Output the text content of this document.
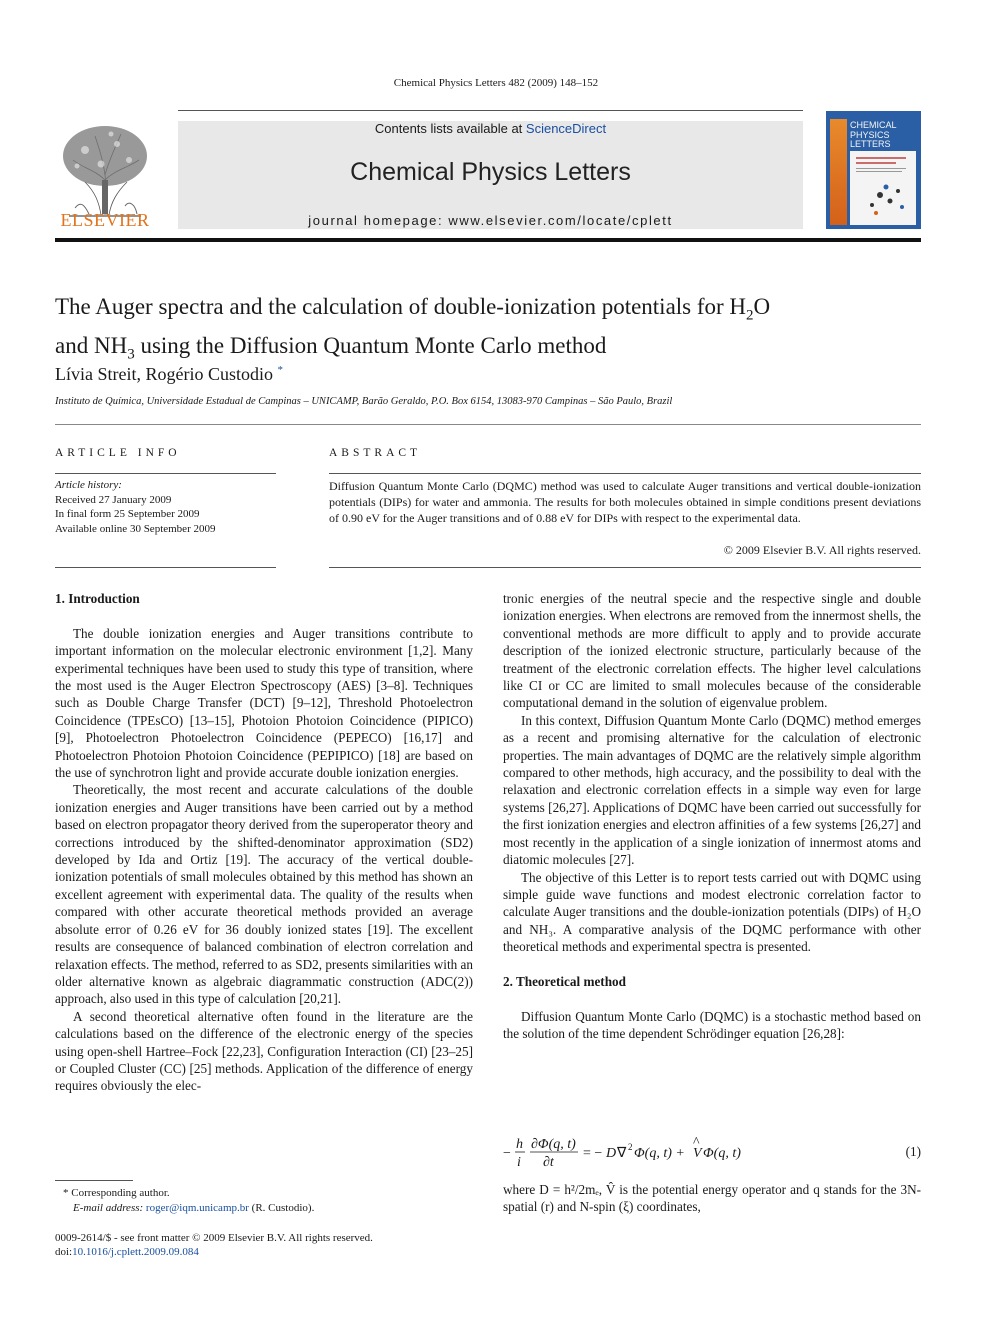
Chemical Physics Letters 482 (2009) 148–152
ELSEVIER
Contents lists available at ScienceDirect
Chemical Physics Letters
journal homepage: www.elsevier.com/locate/cplett
CHEMICAL
PHYSICS
LETTERS
The Auger spectra and the calculation of double-ionization potentials for $H_2O$
and $NH_3$ using the Diffusion Quantum Monte Carlo method
Lívia Streit, Rogério Custodio *
Instituto de Química, Universidade Estadual de Campinas – UNICAMP, Barão Geraldo, P.O. Box 6154, 13083-970 Campinas – São Paulo, Brazil
ARTICLE INFO
Article history:
Received 27 January 2009
In final form 25 September 2009
Available online 30 September 2009
ABSTRACT
Diffusion Quantum Monte Carlo (DQMC) method was used to calculate Auger transitions and vertical double-ionization potentials (DIPs) for water and ammonia. The results for both molecules obtained in simple conditions present deviations of 0.90 eV for the Auger transitions and of 0.88 eV for DIPs with respect to the experimental data.
© 2009 Elsevier B.V. All rights reserved.

1. Introduction

The double ionization energies and Auger transitions contribute to important information on the molecular electronic environment [1,2]. Many experimental techniques have been used to study this type of transition, where the most used is the Auger Electron Spectroscopy (AES) [3–8]. Techniques such as Double Charge Transfer (DCT) [9–12], Threshold Photoelectron Coincidence (TPEsCO) [13–15], Photoion Photoion Coincidence (PIPICO) [9], Photoelectron Photoelectron Coincidence (PEPECO) [16,17] and Photoelectron Photoion Photoion Coincidence (PEPIPICO) [18] are based on the use of synchrotron light and provide accurate double ionization energies.

Theoretically, the most recent and accurate calculations of the double ionization energies and Auger transitions have been carried out by a method based on electron propagator theory derived from the superoperator theory and corrections introduced by the shifted-denominator approximation (SD2) developed by Ida and Ortiz [19]. The accuracy of the vertical double-ionization potentials of small molecules obtained by this method has shown an excellent agreement with experimental data. The quality of the results when compared with other accurate theoretical methods provided an average absolute error of 0.26 eV for 36 doubly ionized states [19]. The excellent results are consequence of balanced combination of electron correlation and relaxation effects. The method, referred to as SD2, presents similarities with an older alternative known as algebraic diagrammatic construction (ADC(2)) approach, also used in this type of calculation [20,21].

A second theoretical alternative often found in the literature are the calculations based on the difference of the electronic energy of the species using open-shell Hartree–Fock [22,23], Configuration Interaction (CI) [23–25] or Coupled Cluster (CC) [25] methods. Application of the difference of energy requires obviously the elec-

tronic energies of the neutral specie and the respective single and double ionization energies. When electrons are removed from the innermost shells, the conventional methods are more difficult to apply and to provide accurate description of the ionized electronic structure, particularly because of the treatment of the electronic correlation effects. The higher level calculations like CI or CC are limited to small molecules because of the considerable computational demand in the solution of eigenvalue problem.

In this context, Diffusion Quantum Monte Carlo (DQMC) method emerges as a recent and promising alternative for the calculation of electronic properties. The main advantages of DQMC are the relatively simple algorithm compared to other methods, high accuracy, and the possibility to deal with the relaxation and electronic correlation effects in a simple way even for large systems [26,27]. Applications of DQMC have been carried out successfully for the first ionization energies and electron affinities of a few systems [26,27] and most recently in the application of a single ionization of innermost atoms and diatomic molecules [27].

The objective of this Letter is to report tests carried out with DQMC using simple guide wave functions and modest electronic correlation factor to calculate Auger transitions and the double-ionization potentials (DIPs) of H₂O and NH₃. A comparative analysis of the DQMC performance with other theoretical methods and experimental spectra is presented.

2. Theoretical method

Diffusion Quantum Monte Carlo (DQMC) is a stochastic method based on the solution of the time dependent Schrödinger equation [26,28]:

−
h
i
∂Φ(q, t)
∂t
= − D ∇ 2 Φ(q, t) + V
^
Φ(q, t)	(1)
where D = h²/2mₑ, V̂ is the potential energy operator and q stands for the 3N-spatial (r) and N-spin (ξ) coordinates,
* Corresponding author.
E-mail address: roger@iqm.unicamp.br (R. Custodio).
0009-2614/$ - see front matter © 2009 Elsevier B.V. All rights reserved.
doi:10.1016/j.cplett.2009.09.084
